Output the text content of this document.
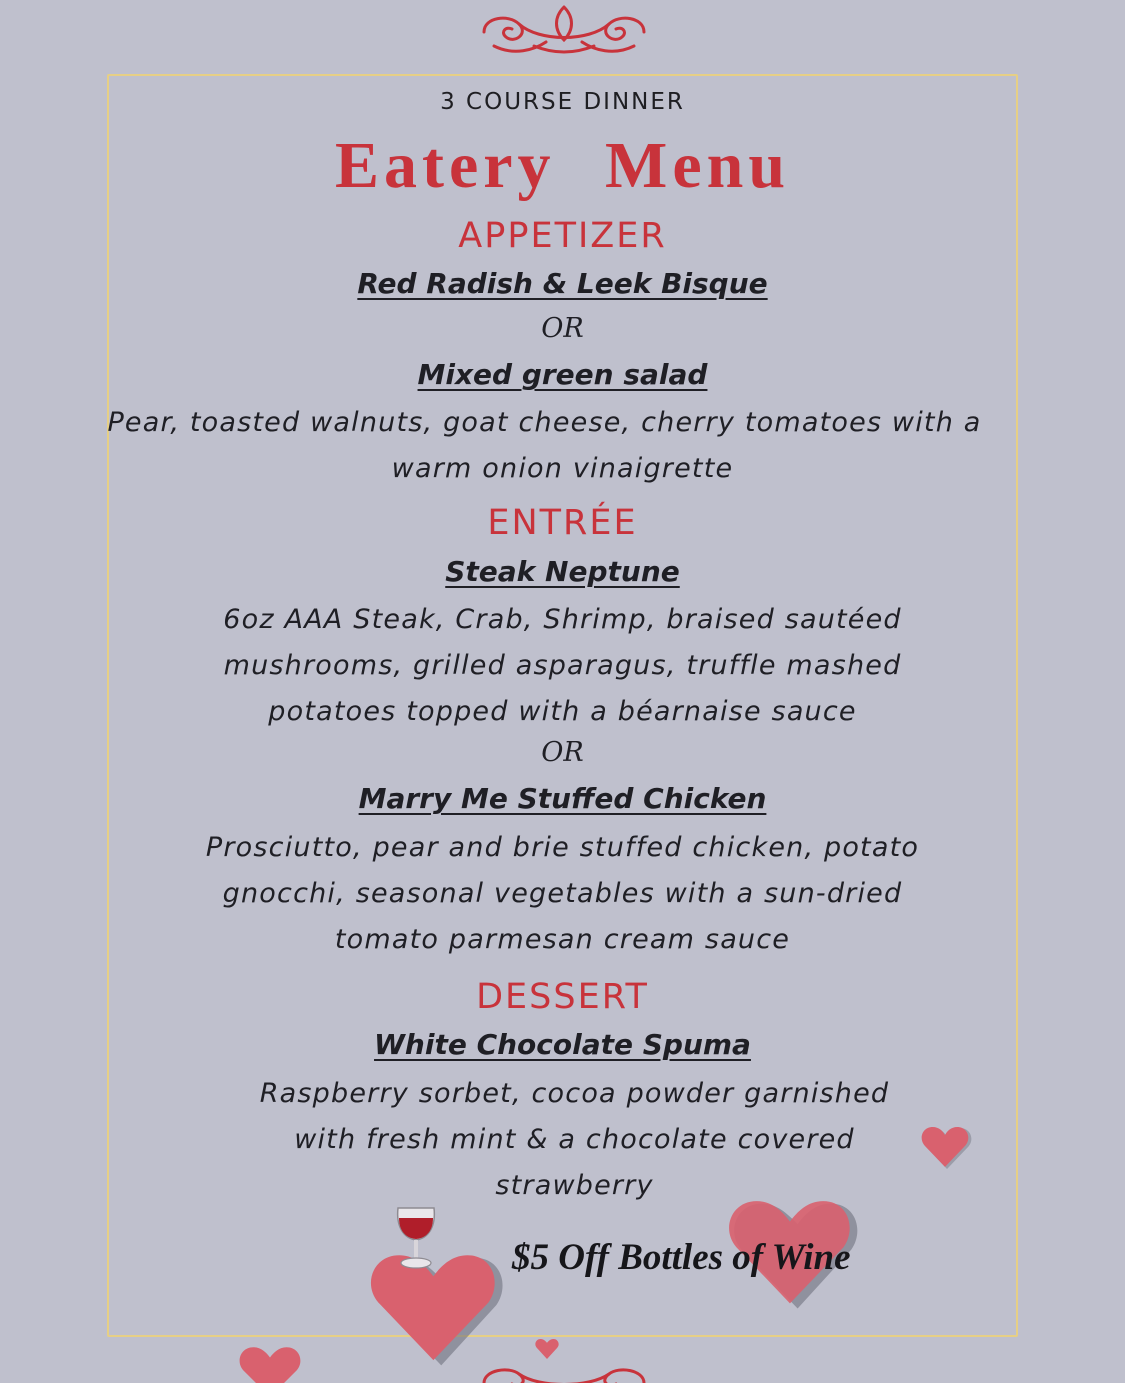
3 COURSE DINNER
Eatery Menu
APPETIZER
Red Radish & Leek Bisque
OR
Mixed green salad
Pear, toasted walnuts, goat cheese, cherry tomatoes with a
warm onion vinaigrette
ENTRÉE
Steak Neptune
6oz AAA Steak, Crab, Shrimp, braised sautéed
mushrooms, grilled asparagus, truffle mashed
potatoes topped with a béarnaise sauce
OR
Marry Me Stuffed Chicken
Prosciutto, pear and brie stuffed chicken, potato
gnocchi, seasonal vegetables with a sun-dried
tomato parmesan cream sauce
DESSERT
White Chocolate Spuma
Raspberry sorbet, cocoa powder garnished
with fresh mint & a chocolate covered
strawberry
$5 Off Bottles of Wine
